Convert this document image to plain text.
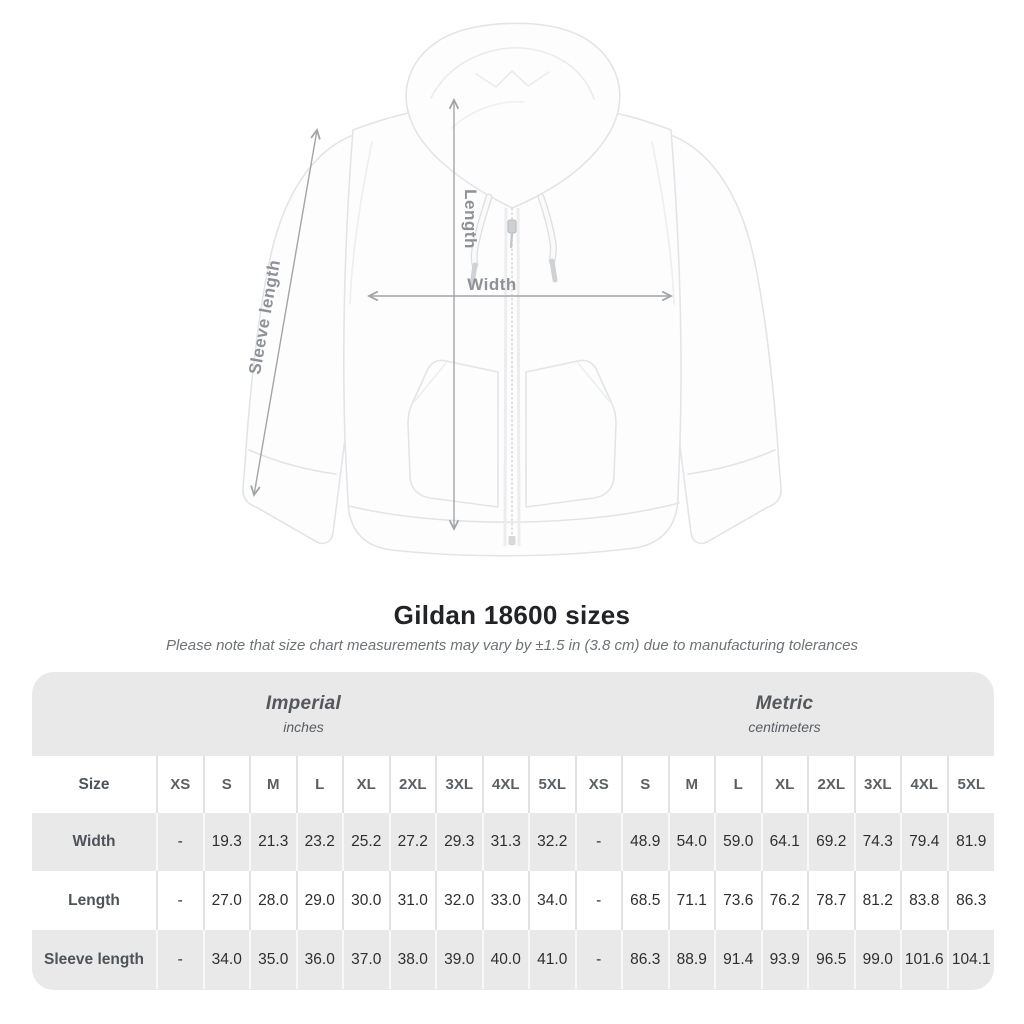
Width
Length
Sleeve length
Gildan 18600 sizes
Please note that size chart measurements may vary by ±1.5 in (3.8 cm) due to manufacturing tolerances
Imperial
inches
Metric
centimeters
Size	XS	S	M	L	XL	2XL	3XL	4XL	5XL	XS	S	M	L	XL	2XL	3XL	4XL	5XL
Width	-	19.3	21.3	23.2	25.2	27.2	29.3	31.3	32.2	-	48.9	54.0	59.0	64.1	69.2	74.3	79.4	81.9
Length	-	27.0	28.0	29.0	30.0	31.0	32.0	33.0	34.0	-	68.5	71.1	73.6	76.2	78.7	81.2	83.8	86.3
Sleeve length	-	34.0	35.0	36.0	37.0	38.0	39.0	40.0	41.0	-	86.3	88.9	91.4	93.9	96.5	99.0	101.6	104.1
